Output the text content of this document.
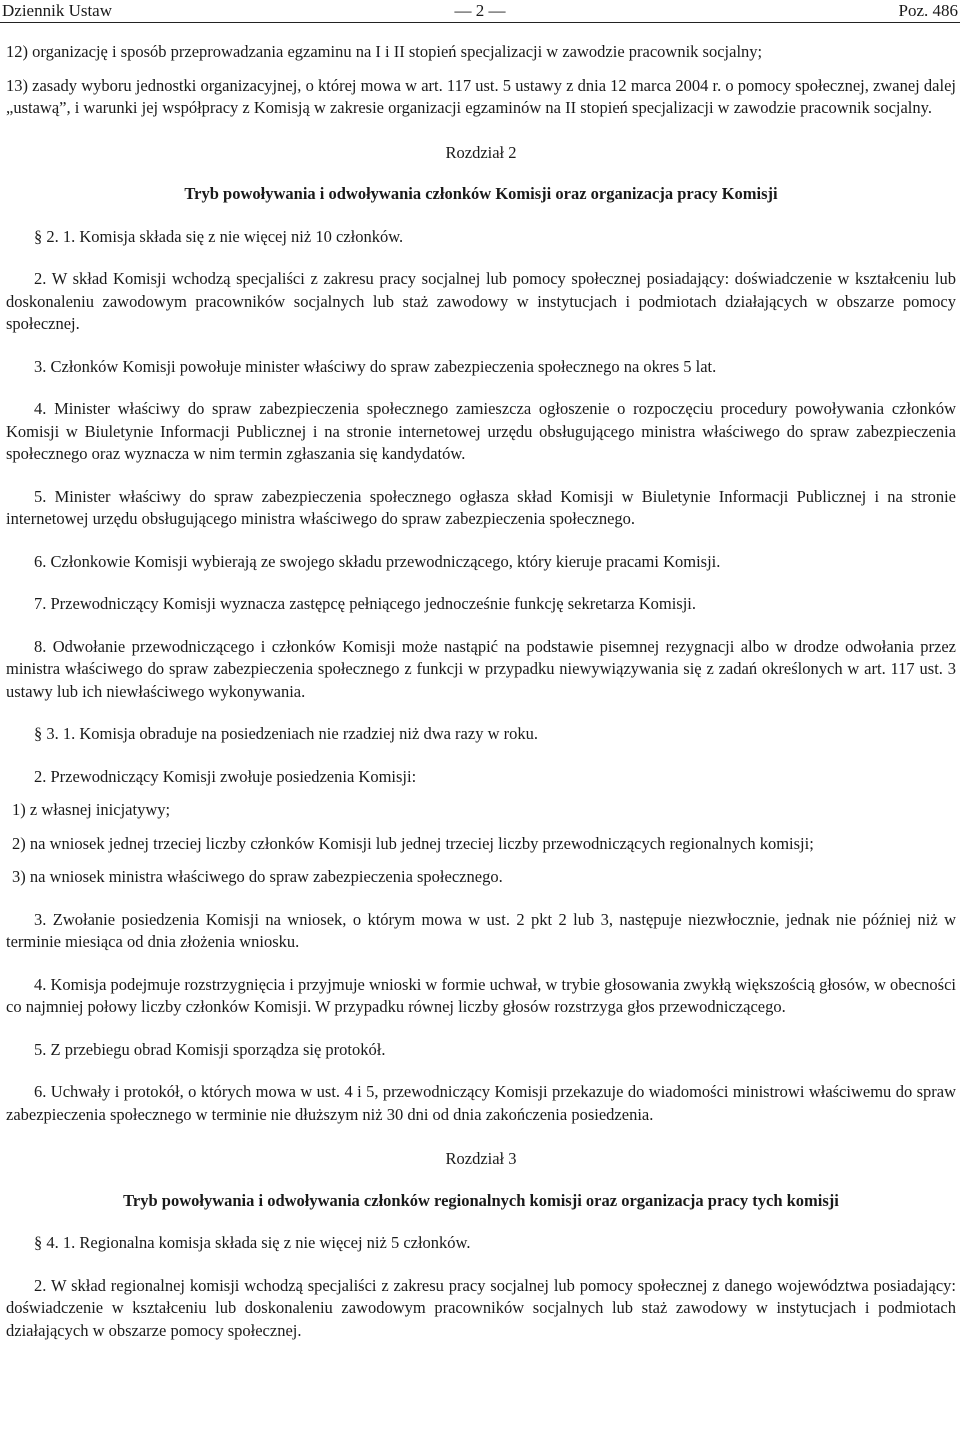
Dziennik Ustaw	— 2 —	Poz. 486

12) organizację i sposób przeprowadzania egzaminu na I i II stopień specjalizacji w zawodzie pracownik socjalny;

13) zasady wyboru jednostki organizacyjnej, o której mowa w art. 117 ust. 5 ustawy z dnia 12 marca 2004 r. o pomocy społecznej, zwanej dalej „ustawą”, i warunki jej współpracy z Komisją w zakresie organizacji egzaminów na II stopień specjalizacji w zawodzie pracownik socjalny.

Rozdział 2

Tryb powoływania i odwoływania członków Komisji oraz organizacja pracy Komisji

§ 2. 1. Komisja składa się z nie więcej niż 10 członków.

2. W skład Komisji wchodzą specjaliści z zakresu pracy socjalnej lub pomocy społecznej posiadający: doświadczenie w kształceniu lub doskonaleniu zawodowym pracowników socjalnych lub staż zawodowy w instytucjach i podmiotach działających w obszarze pomocy społecznej.

3. Członków Komisji powołuje minister właściwy do spraw zabezpieczenia społecznego na okres 5 lat.

4. Minister właściwy do spraw zabezpieczenia społecznego zamieszcza ogłoszenie o rozpoczęciu procedury powoływania członków Komisji w Biuletynie Informacji Publicznej i na stronie internetowej urzędu obsługującego ministra właściwego do spraw zabezpieczenia społecznego oraz wyznacza w nim termin zgłaszania się kandydatów.

5. Minister właściwy do spraw zabezpieczenia społecznego ogłasza skład Komisji w Biuletynie Informacji Publicznej i na stronie internetowej urzędu obsługującego ministra właściwego do spraw zabezpieczenia społecznego.

6. Członkowie Komisji wybierają ze swojego składu przewodniczącego, który kieruje pracami Komisji.

7. Przewodniczący Komisji wyznacza zastępcę pełniącego jednocześnie funkcję sekretarza Komisji.

8. Odwołanie przewodniczącego i członków Komisji może nastąpić na podstawie pisemnej rezygnacji albo w drodze odwołania przez ministra właściwego do spraw zabezpieczenia społecznego z funkcji w przypadku niewywiązywania się z zadań określonych w art. 117 ust. 3 ustawy lub ich niewłaściwego wykonywania.

§ 3. 1. Komisja obraduje na posiedzeniach nie rzadziej niż dwa razy w roku.

2. Przewodniczący Komisji zwołuje posiedzenia Komisji:

1) z własnej inicjatywy;

2) na wniosek jednej trzeciej liczby członków Komisji lub jednej trzeciej liczby przewodniczących regionalnych komisji;

3) na wniosek ministra właściwego do spraw zabezpieczenia społecznego.

3. Zwołanie posiedzenia Komisji na wniosek, o którym mowa w ust. 2 pkt 2 lub 3, następuje niezwłocznie, jednak nie później niż w terminie miesiąca od dnia złożenia wniosku.

4. Komisja podejmuje rozstrzygnięcia i przyjmuje wnioski w formie uchwał, w trybie głosowania zwykłą większością głosów, w obecności co najmniej połowy liczby członków Komisji. W przypadku równej liczby głosów rozstrzyga głos przewodniczącego.

5. Z przebiegu obrad Komisji sporządza się protokół.

6. Uchwały i protokół, o których mowa w ust. 4 i 5, przewodniczący Komisji przekazuje do wiadomości ministrowi właściwemu do spraw zabezpieczenia społecznego w terminie nie dłuższym niż 30 dni od dnia zakończenia posiedzenia.

Rozdział 3

Tryb powoływania i odwoływania członków regionalnych komisji oraz organizacja pracy tych komisji

§ 4. 1. Regionalna komisja składa się z nie więcej niż 5 członków.

2. W skład regionalnej komisji wchodzą specjaliści z zakresu pracy socjalnej lub pomocy społecznej z danego województwa posiadający: doświadczenie w kształceniu lub doskonaleniu zawodowym pracowników socjalnych lub staż zawodowy w instytucjach i podmiotach działających w obszarze pomocy społecznej.
